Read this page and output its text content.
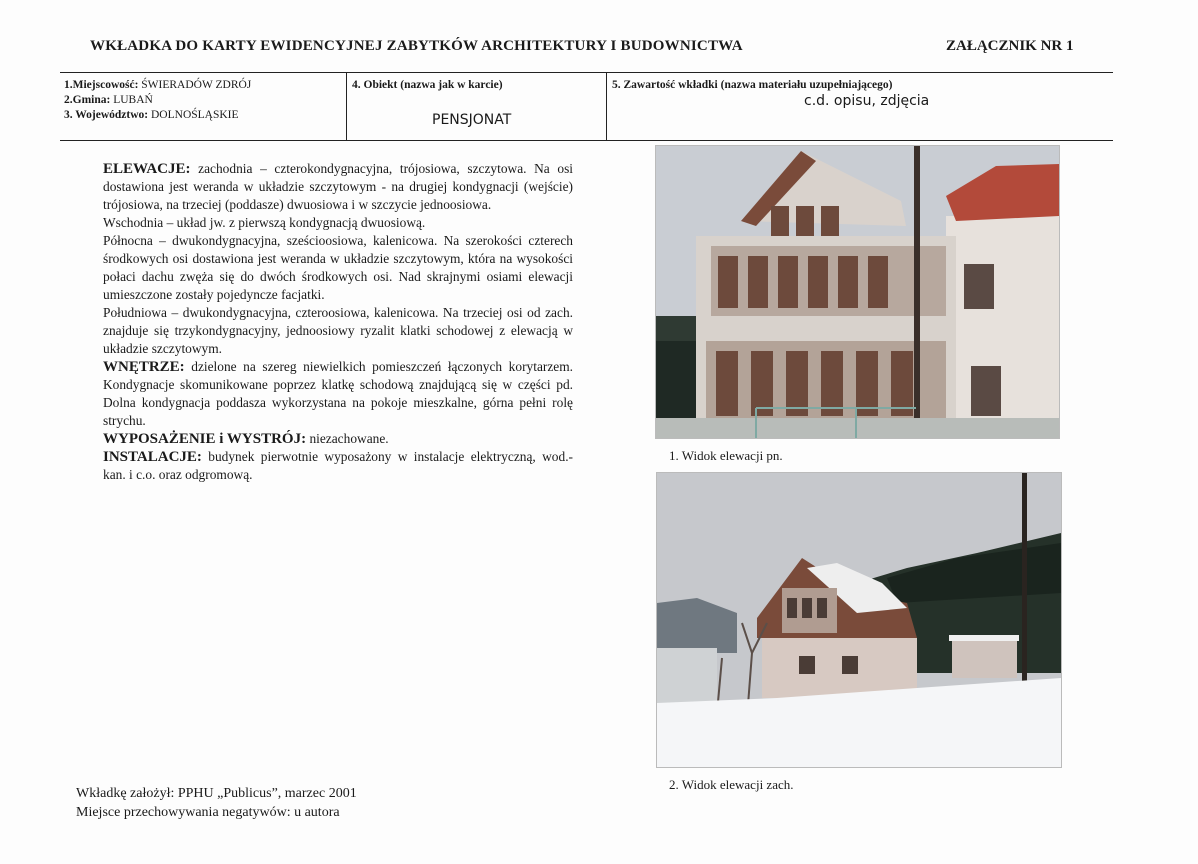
WKŁADKA DO KARTY EWIDENCYJNEJ ZABYTKÓW ARCHITEKTURY I BUDOWNICTWA	ZAŁĄCZNIK NR 1
1.Miejscowość: ŚWIERADÓW ZDRÓJ
2.Gmina: LUBAŃ
3. Województwo: DOLNOŚLĄSKIE
4. Obiekt (nazwa jak w karcie)
PENSJONAT
5. Zawartość wkładki (nazwa materiału uzupełniającego)
c.d. opisu, zdjęcia

ELEWACJE: zachodnia – czterokondygnacyjna, trójosiowa, szczytowa. Na osi dostawiona jest weranda w układzie szczytowym - na drugiej kondygnacji (wejście) trójosiowa, na trzeciej (poddasze) dwuosiowa i w szczycie jednoosiowa.

Wschodnia – układ jw. z pierwszą kondygnacją dwuosiową.

Północna – dwukondygnacyjna, sześcioosiowa, kalenicowa. Na szerokości czterech środkowych osi dostawiona jest weranda w układzie szczytowym, która na wysokości połaci dachu zwęża się do dwóch środkowych osi. Nad skrajnymi osiami elewacji umieszczone zostały pojedyncze facjatki.

Południowa – dwukondygnacyjna, czteroosiowa, kalenicowa. Na trzeciej osi od zach. znajduje się trzykondygnacyjny, jednoosiowy ryzalit klatki schodowej z elewacją w układzie szczytowym.

WNĘTRZE: dzielone na szereg niewielkich pomieszczeń łączonych korytarzem. Kondygnacje skomunikowane poprzez klatkę schodową znajdującą się w części pd. Dolna kondygnacja poddasza wykorzystana na pokoje mieszkalne, górna pełni rolę strychu.

WYPOSAŻENIE i WYSTRÓJ: niezachowane.

INSTALACJE: budynek pierwotnie wyposażony w instalacje elektryczną, wod.-kan. i c.o. oraz odgromową.

1. Widok elewacji pn.
2. Widok elewacji zach.
Wkładkę założył: PPHU „Publicus”, marzec 2001
Miejsce przechowywania negatywów: u autora
